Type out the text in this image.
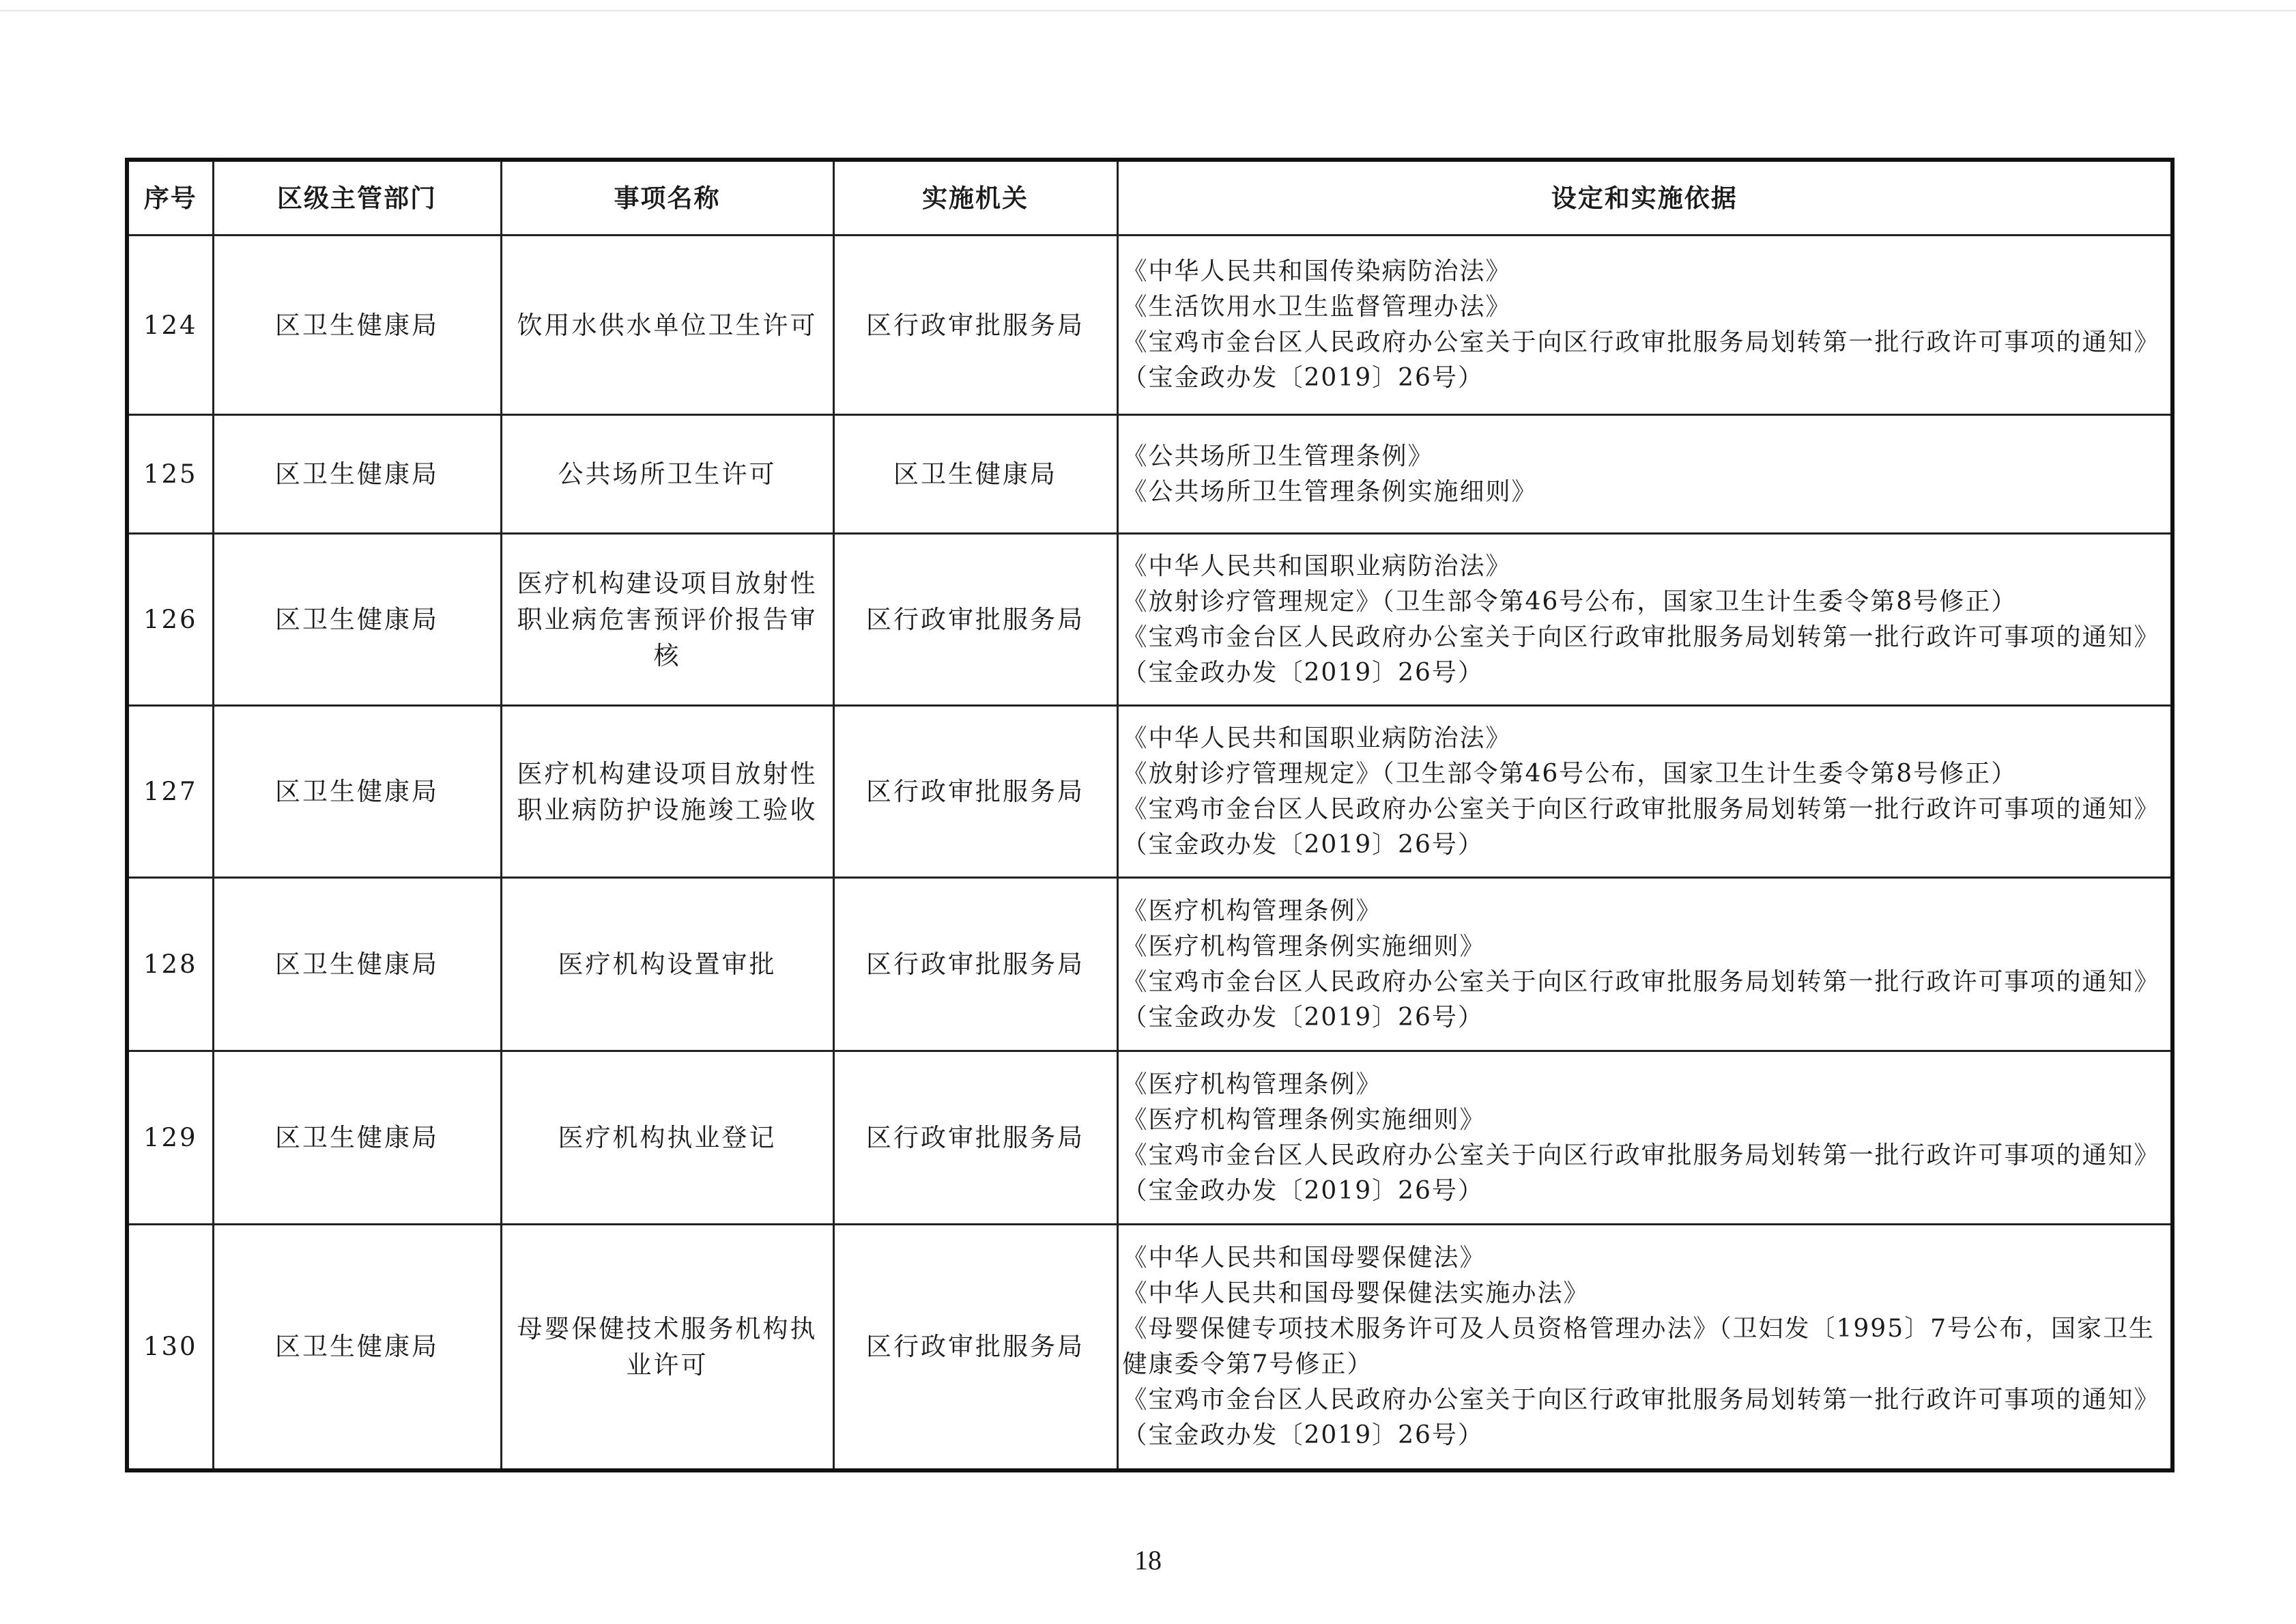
序号	区级主管部门	事项名称	实施机关	设定和实施依据
124	区卫生健康局	饮用水供水单位卫生许可	区行政审批服务局	《中华人民共和国传染病防治法》
《生活饮用水卫生监督管理办法》
《宝鸡市金台区人民政府办公室关于向区行政审批服务局划转第一批行政许可事项的通知》（宝金政办发〔2019〕26号）

125	区卫生健康局	公共场所卫生许可	区卫生健康局	《公共场所卫生管理条例》
《公共场所卫生管理条例实施细则》

126	区卫生健康局	医疗机构建设项目放射性职业病危害预评价报告审核	区行政审批服务局	《中华人民共和国职业病防治法》
《放射诊疗管理规定》（卫生部令第46号公布，国家卫生计生委令第8号修正）
《宝鸡市金台区人民政府办公室关于向区行政审批服务局划转第一批行政许可事项的通知》（宝金政办发〔2019〕26号）

127	区卫生健康局	医疗机构建设项目放射性职业病防护设施竣工验收	区行政审批服务局	《中华人民共和国职业病防治法》
《放射诊疗管理规定》（卫生部令第46号公布，国家卫生计生委令第8号修正）
《宝鸡市金台区人民政府办公室关于向区行政审批服务局划转第一批行政许可事项的通知》（宝金政办发〔2019〕26号）

128	区卫生健康局	医疗机构设置审批	区行政审批服务局	《医疗机构管理条例》
《医疗机构管理条例实施细则》
《宝鸡市金台区人民政府办公室关于向区行政审批服务局划转第一批行政许可事项的通知》（宝金政办发〔2019〕26号）

129	区卫生健康局	医疗机构执业登记	区行政审批服务局	《医疗机构管理条例》
《医疗机构管理条例实施细则》
《宝鸡市金台区人民政府办公室关于向区行政审批服务局划转第一批行政许可事项的通知》（宝金政办发〔2019〕26号）

130	区卫生健康局	母婴保健技术服务机构执业许可	区行政审批服务局	《中华人民共和国母婴保健法》
《中华人民共和国母婴保健法实施办法》
《母婴保健专项技术服务许可及人员资格管理办法》（卫妇发〔1995〕7号公布，国家卫生健康委令第7号修正）
《宝鸡市金台区人民政府办公室关于向区行政审批服务局划转第一批行政许可事项的通知》（宝金政办发〔2019〕26号）
18
